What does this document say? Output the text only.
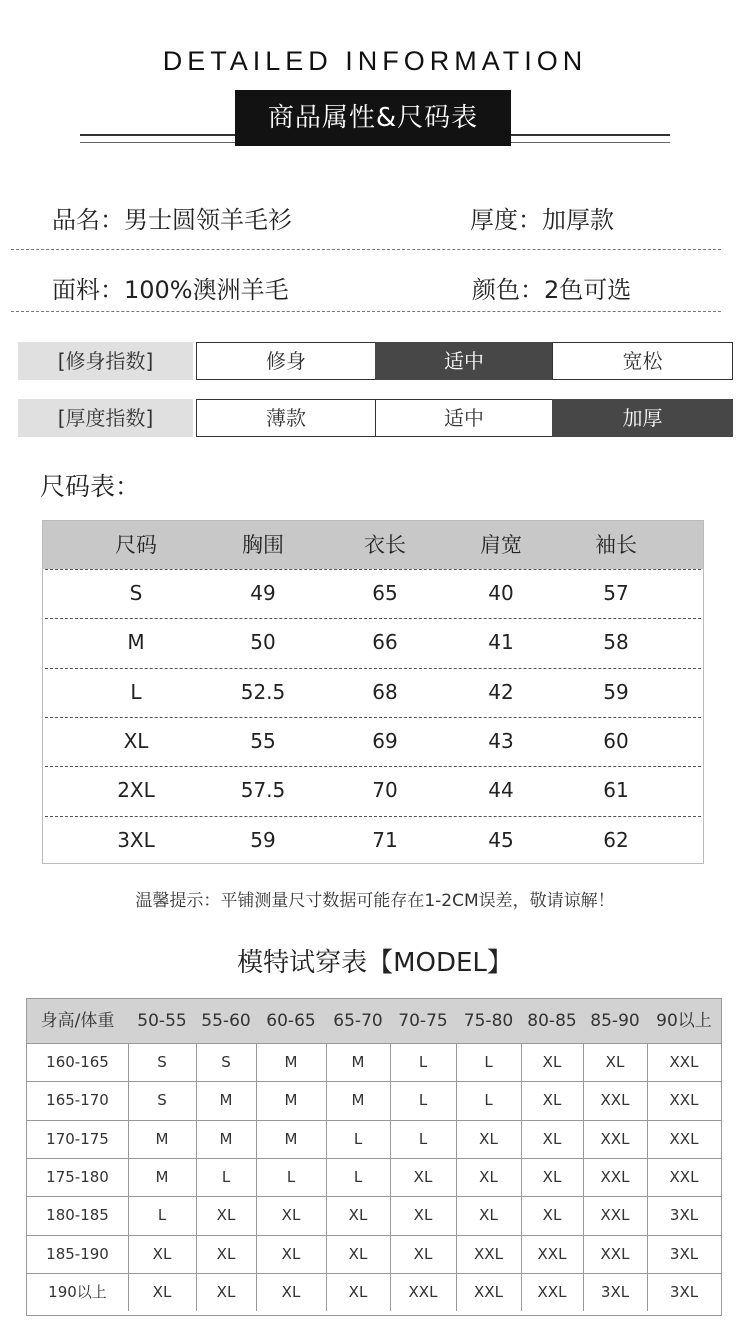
DETAILED INFORMATION
商品属性&尺码表
品名：男士圆领羊毛衫	厚度：加厚款
面料：100%澳洲羊毛	颜色：2色可选
[修身指数]	修身	适中	宽松
[厚度指数]	薄款	适中	加厚
尺码表：
尺码	胸围	衣长	肩宽	袖长
S	49	65	40	57
M	50	66	41	58
L	52.5	68	42	59
XL	55	69	43	60
2XL	57.5	70	44	61
3XL	59	71	45	62
温馨提示：平铺测量尺寸数据可能存在1-2CM误差，敬请谅解！
模特试穿表【MODEL】
身高/体重	50-55 55-60 60-65	65-70 70-75 75-80 80-85 85-90 90以上
160-165	S	S	M	M	L	L	XL	XL	XXL
165-170	S	M	M	M	L	L	XL	XXL	XXL
170-175	M	M	M	L	L	XL	XL	XXL	XXL
175-180	M	L	L	L	XL	XL	XL	XXL	XXL
180-185	L	XL	XL	XL	XL	XL	XL	XXL	3XL
185-190	XL	XL	XL	XL	XL	XXL	XXL	XXL	3XL
190以上	XL	XL	XL	XL	XXL	XXL	XXL	3XL	3XL
